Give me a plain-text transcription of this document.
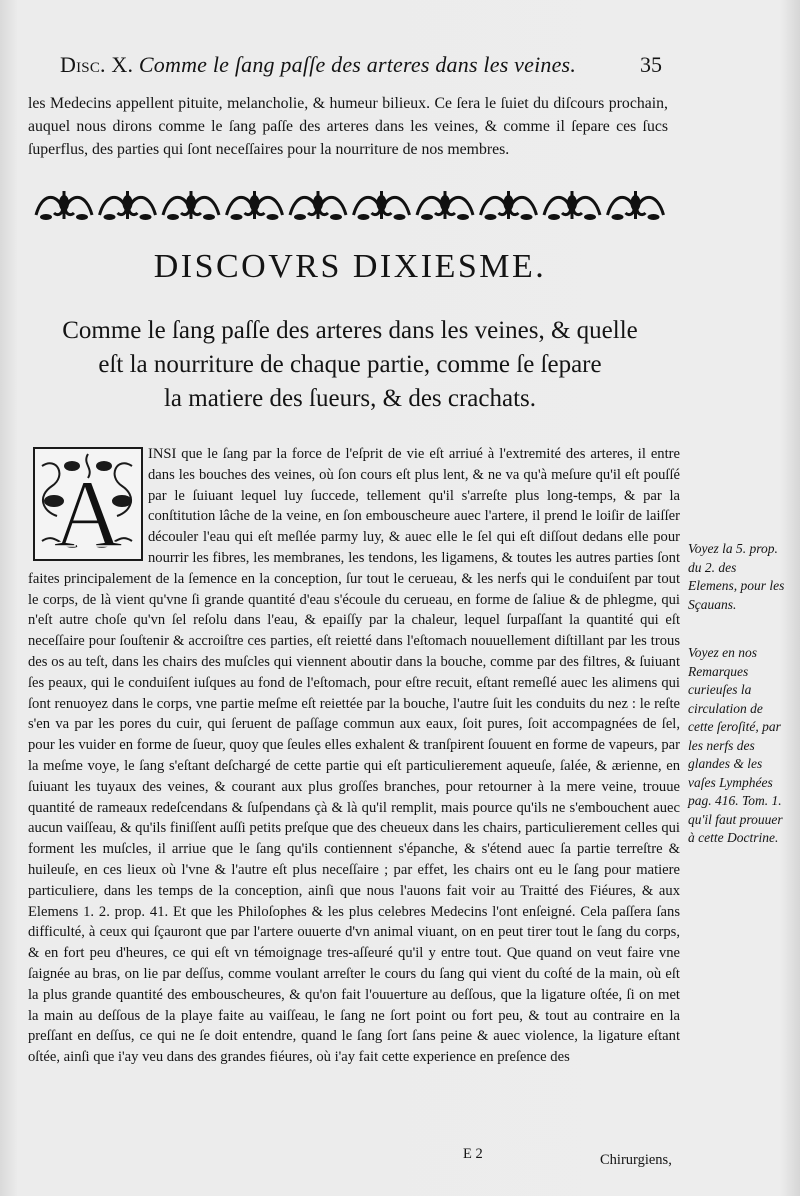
Disc. X. Comme le ſang paſſe des arteres dans les veines.	35
les Medecins appellent pituite, melancholie, & humeur bilieux. Ce ſera le ſuiet du diſcours prochain, auquel nous dirons comme le ſang paſſe des arteres dans les veines, & comme il ſepare ces ſucs ſuperflus, des parties qui ſont neceſſaires pour la nourriture de nos membres.
DISCOVRS DIXIESME.
Comme le ſang paſſe des arteres dans les veines, & quelle
eſt la nourriture de chaque partie, comme ſe ſepare
la matiere des ſueurs, & des crachats.
A
INSI que le ſang par la force de l'eſprit de vie eſt arriué à l'extremité des arteres, il entre dans les bouches des veines, où ſon cours eſt plus lent, & ne va qu'à meſure qu'il eſt pouſſé par le ſuiuant lequel luy ſuccede, tellement qu'il s'arreſte plus long-temps, & par la conſtitution lâche de la veine, en ſon embouscheure auec l'artere, il prend le loiſir de laiſſer découler l'eau qui eſt meſlée parmy luy, & auec elle le ſel qui eſt diſſout dedans elle pour nourrir les fibres, les membranes, les tendons, les ligamens, & toutes les autres parties ſont faites principalement de la ſemence en la conception, ſur tout le cerueau, & les nerfs qui le conduiſent par tout le corps, de là vient qu'vne ſi grande quantité d'eau s'écoule du cerueau, en forme de ſaliue & de phlegme, qui n'eſt autre choſe qu'vn ſel reſolu dans l'eau, & epaiſſy par la chaleur, lequel ſurpaſſant la quantité qui eſt neceſſaire pour ſouſtenir & accroiſtre ces parties, eſt reietté dans l'eſtomach nouuellement diſtillant par les trous des os au teſt, dans les chairs des muſcles qui viennent aboutir dans la bouche, comme par des filtres, & ſuiuant ſes peaux, qui le conduiſent iuſques au fond de l'eſtomach, pour eſtre recuit, eſtant remeſlé auec les alimens qui ſont renuoyez dans le corps, vne partie meſme eſt reiettée par la bouche, l'autre ſuit les conduits du nez : le reſte s'en va par les pores du cuir, qui ſeruent de paſſage commun aux eaux, ſoit pures, ſoit accompagnées de ſel, pour les vuider en forme de ſueur, quoy que ſeules elles exhalent & tranſpirent ſouuent en forme de vapeurs, par la meſme voye, le ſang s'eſtant deſchargé de cette partie qui eſt particulierement aqueuſe, ſalée, & ærienne, en ſuiuant les tuyaux des veines, & courant aux plus groſſes branches, pour retourner à la mere veine, trouue quantité de rameaux redeſcendans & ſuſpendans çà & là qu'il remplit, mais pource qu'ils ne s'embouchent auec aucun vaiſſeau, & qu'ils finiſſent auſſi petits preſque que des cheueux dans les chairs, particulierement celles qui forment les muſcles, il arriue que le ſang qu'ils contiennent s'épanche, & s'étend auec ſa partie terreſtre & huileuſe, en ces lieux où l'vne & l'autre eſt plus neceſſaire ; par effet, les chairs ont eu le ſang pour matiere particuliere, dans les temps de la conception, ainſi que nous l'auons fait voir au Traitté des Fiéures, & aux Elemens 1. 2. prop. 41. Et que les Philoſophes & les plus celebres Medecins l'ont enſeigné. Cela paſſera ſans difficulté, à ceux qui ſçauront que par l'artere ouuerte d'vn animal viuant, on en peut tirer tout le ſang du corps, & en fort peu d'heures, ce qui eſt vn témoignage tres-aſſeuré qu'il y entre tout. Que quand on veut faire vne ſaignée au bras, on lie par deſſus, comme voulant arreſter le cours du ſang qui vient du coſté de la main, où eſt la plus grande quantité des embouscheures, & qu'on fait l'ouuerture au deſſous, que la ligature oſtée, ſi on met la main au deſſous de la playe faite au vaiſſeau, le ſang ne ſort point ou fort peu, & tout au contraire en la preſſant en deſſus, ce qui ne ſe doit entendre, quand le ſang ſort ſans peine & auec violence, la ligature eſtant oſtée, ainſi que i'ay veu dans des grandes fiéures, où i'ay fait cette experience en preſence des
Voyez la 5. prop. du 2. des Elemens, pour les Sçauans.
Voyez en nos Remarques curieuſes la circulation de cette ſeroſité, par les nerfs des glandes & les vaſes Lymphées pag. 416. Tom. 1. qu'il faut prouuer à cette Doctrine.
E 2	Chirurgiens,
